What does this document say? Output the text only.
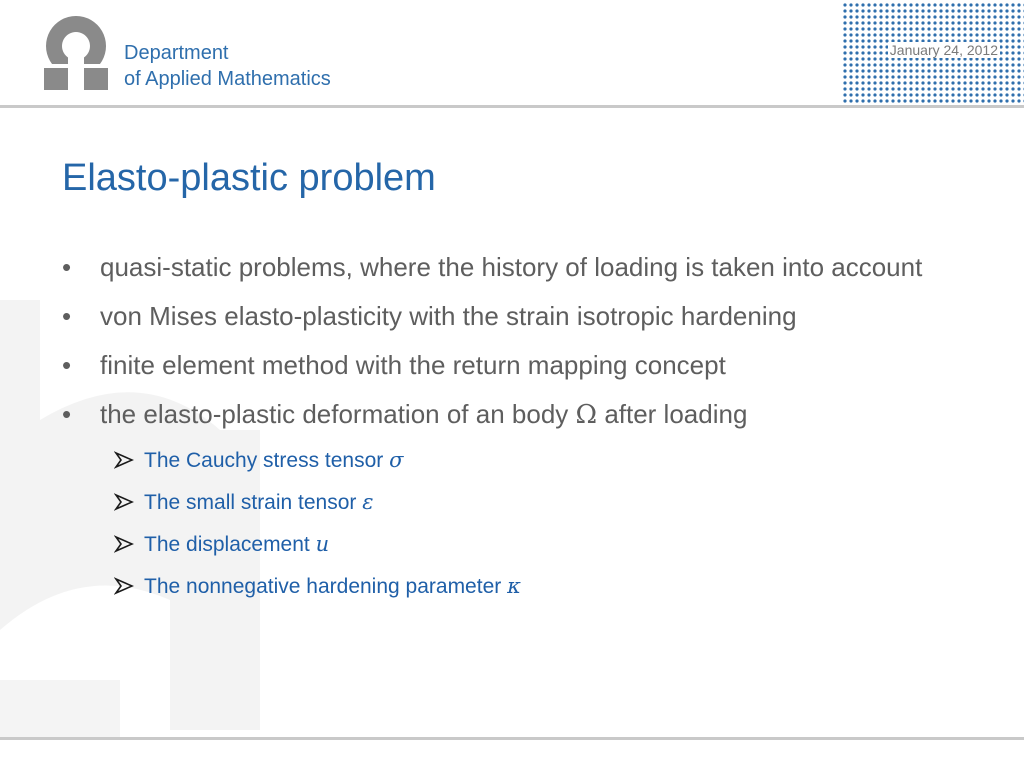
Department
of Applied Mathematics
January 24, 2012
Elasto-plastic problem
• quasi-static problems, where the history of loading is taken into account
• von Mises elasto-plasticity with the strain isotropic hardening
• finite element method with the return mapping concept
• the elasto-plastic deformation of an body Ω after loading
The Cauchy stress tensor σ
The small strain tensor ε
The displacement u
The nonnegative hardening parameter κ
